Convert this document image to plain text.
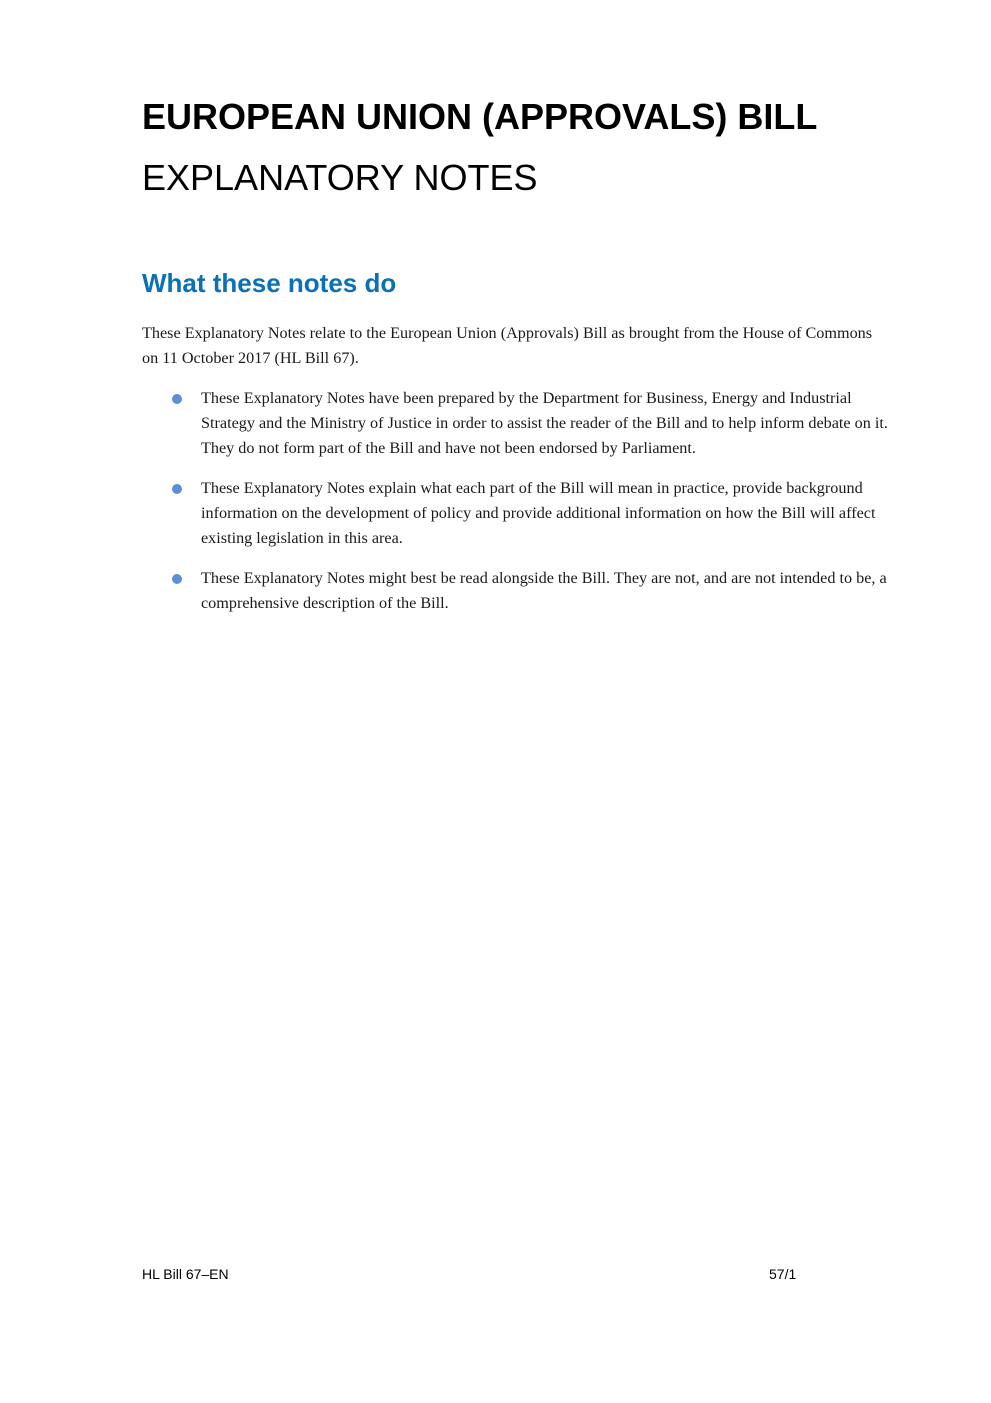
EUROPEAN UNION (APPROVALS) BILL
EXPLANATORY NOTES
What these notes do

These Explanatory Notes relate to the European Union (Approvals) Bill as brought from the House of Commons on 11 October 2017 (HL Bill 67).

These Explanatory Notes have been prepared by the Department for Business, Energy and Industrial Strategy and the Ministry of Justice in order to assist the reader of the Bill and to help inform debate on it. They do not form part of the Bill and have not been endorsed by Parliament.
These Explanatory Notes explain what each part of the Bill will mean in practice, provide background information on the development of policy and provide additional information on how the Bill will affect existing legislation in this area.
These Explanatory Notes might best be read alongside the Bill. They are not, and are not intended to be, a comprehensive description of the Bill.

HL Bill 67–EN	57/1
